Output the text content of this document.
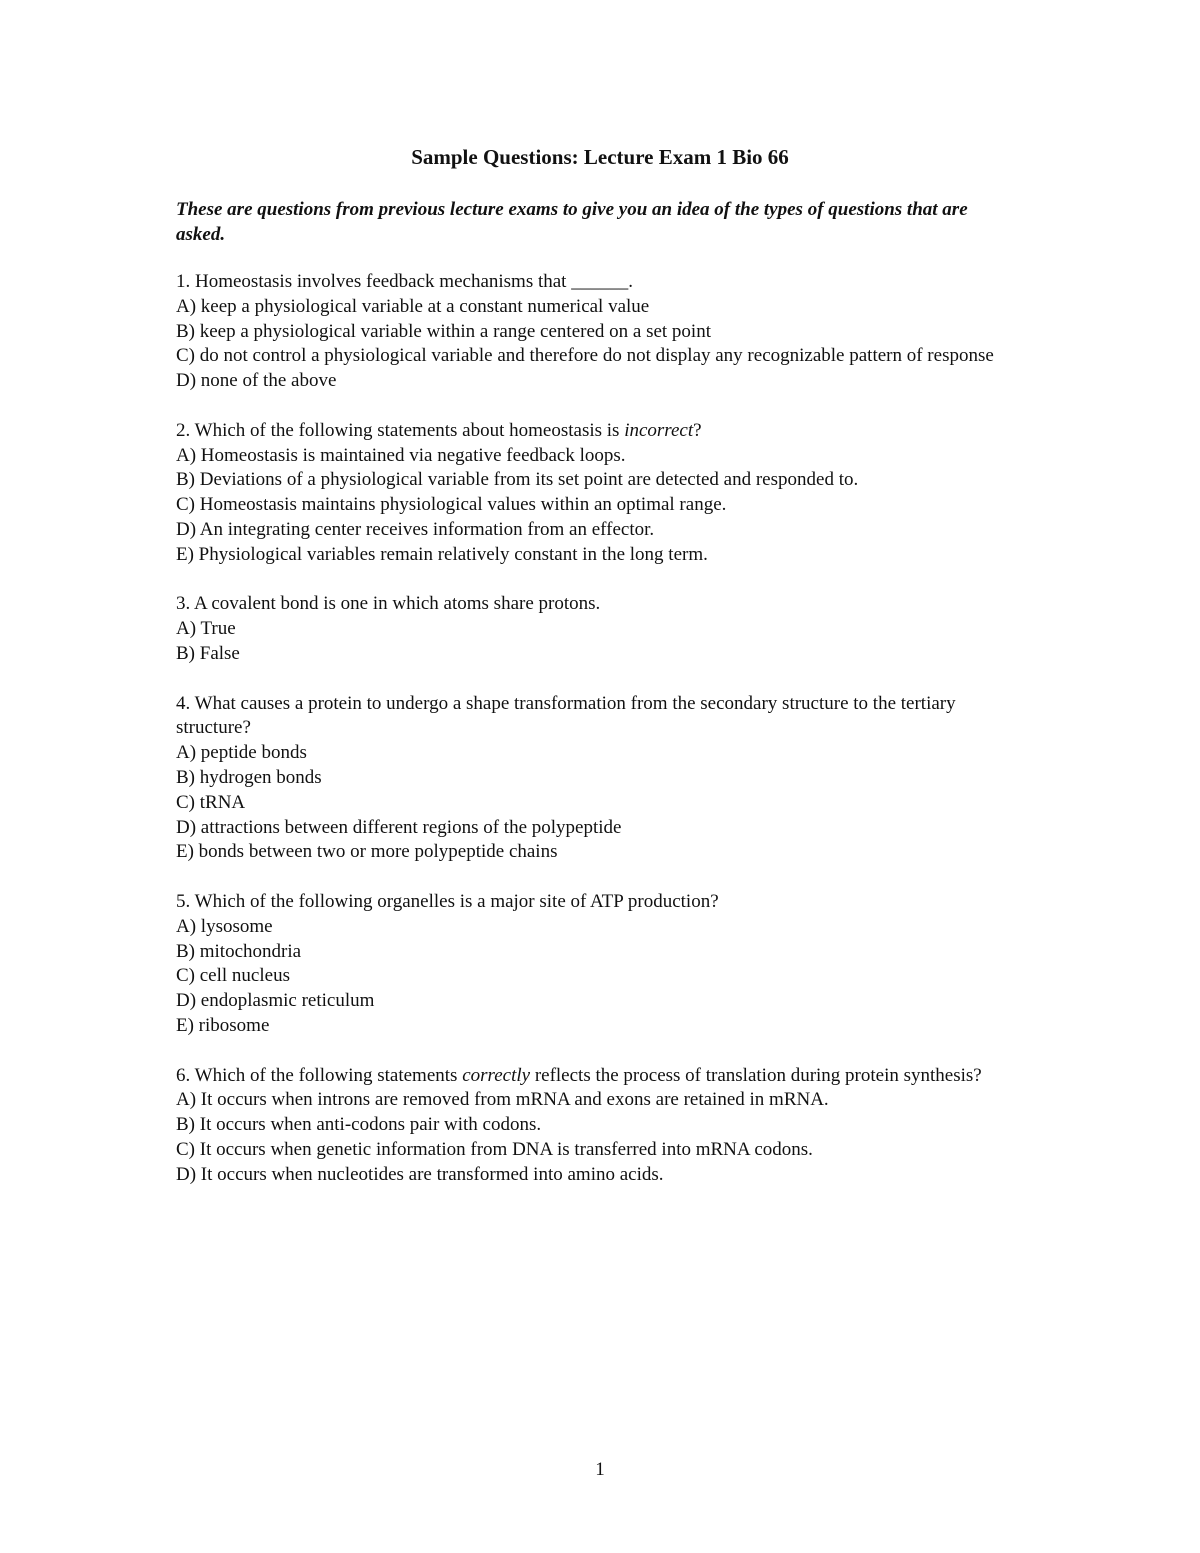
Sample Questions: Lecture Exam 1 Bio 66
These are questions from previous lecture exams to give you an idea of the types of questions that are asked.
1. Homeostasis involves feedback mechanisms that ______.
A) keep a physiological variable at a constant numerical value
B) keep a physiological variable within a range centered on a set point
C) do not control a physiological variable and therefore do not display any recognizable pattern of response
D) none of the above
2. Which of the following statements about homeostasis is incorrect?
A) Homeostasis is maintained via negative feedback loops.
B) Deviations of a physiological variable from its set point are detected and responded to.
C) Homeostasis maintains physiological values within an optimal range.
D) An integrating center receives information from an effector.
E) Physiological variables remain relatively constant in the long term.
3. A covalent bond is one in which atoms share protons.
A) True
B) False
4. What causes a protein to undergo a shape transformation from the secondary structure to the tertiary structure?
A) peptide bonds
B) hydrogen bonds
C) tRNA
D) attractions between different regions of the polypeptide
E) bonds between two or more polypeptide chains
5. Which of the following organelles is a major site of ATP production?
A) lysosome
B) mitochondria
C) cell nucleus
D) endoplasmic reticulum
E) ribosome
6. Which of the following statements correctly reflects the process of translation during protein synthesis?
A) It occurs when introns are removed from mRNA and exons are retained in mRNA.
B) It occurs when anti-codons pair with codons.
C) It occurs when genetic information from DNA is transferred into mRNA codons.
D) It occurs when nucleotides are transformed into amino acids.
1
